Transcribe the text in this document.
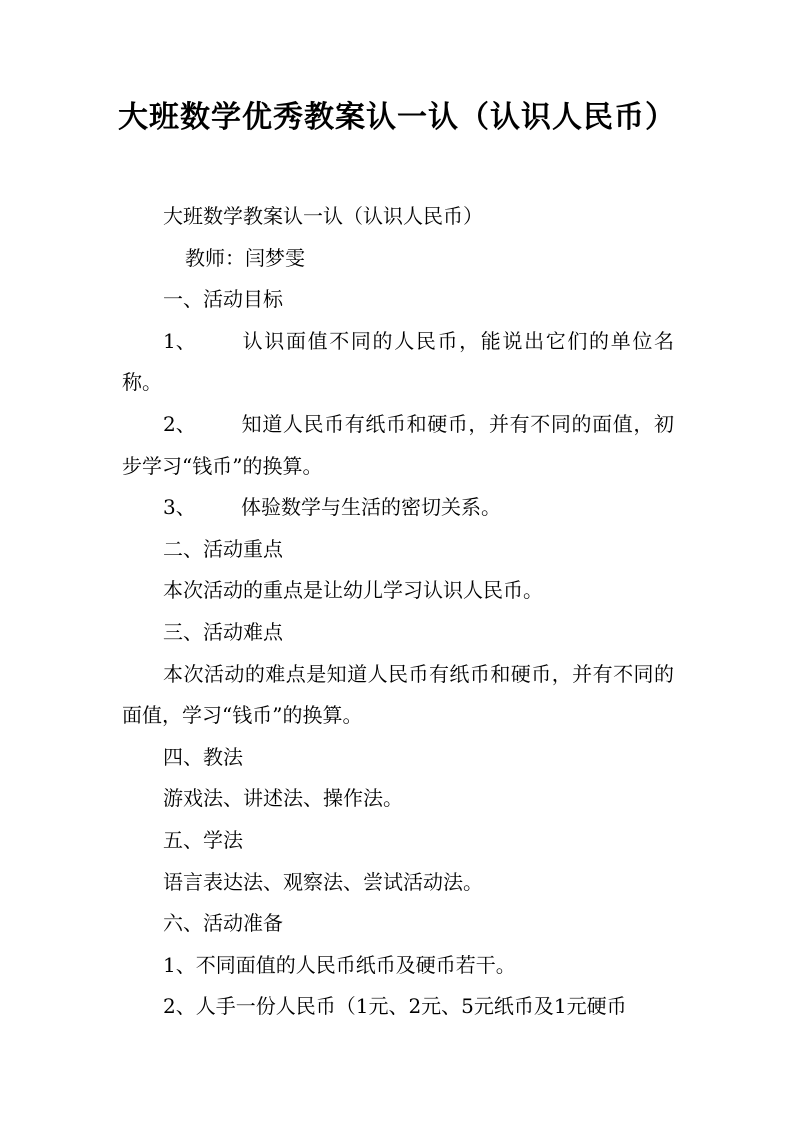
大班数学优秀教案认一认（认识人民币）

大班数学教案认一认（认识人民币）

教师：闫梦雯

一、活动目标

1、 认识面值不同的人民币，能说出它们的单位名称。

2、 知道人民币有纸币和硬币，并有不同的面值，初步学习“钱币”的换算。

3、 体验数学与生活的密切关系。

二、活动重点

本次活动的重点是让幼儿学习认识人民币。

三、活动难点

本次活动的难点是知道人民币有纸币和硬币，并有不同的面值，学习“钱币”的换算。

四、教法

游戏法、讲述法、操作法。

五、学法

语言表达法、观察法、尝试活动法。

六、活动准备

1、不同面值的人民币纸币及硬币若干。

2、人手一份人民币（1元、2元、5元纸币及1元硬币
